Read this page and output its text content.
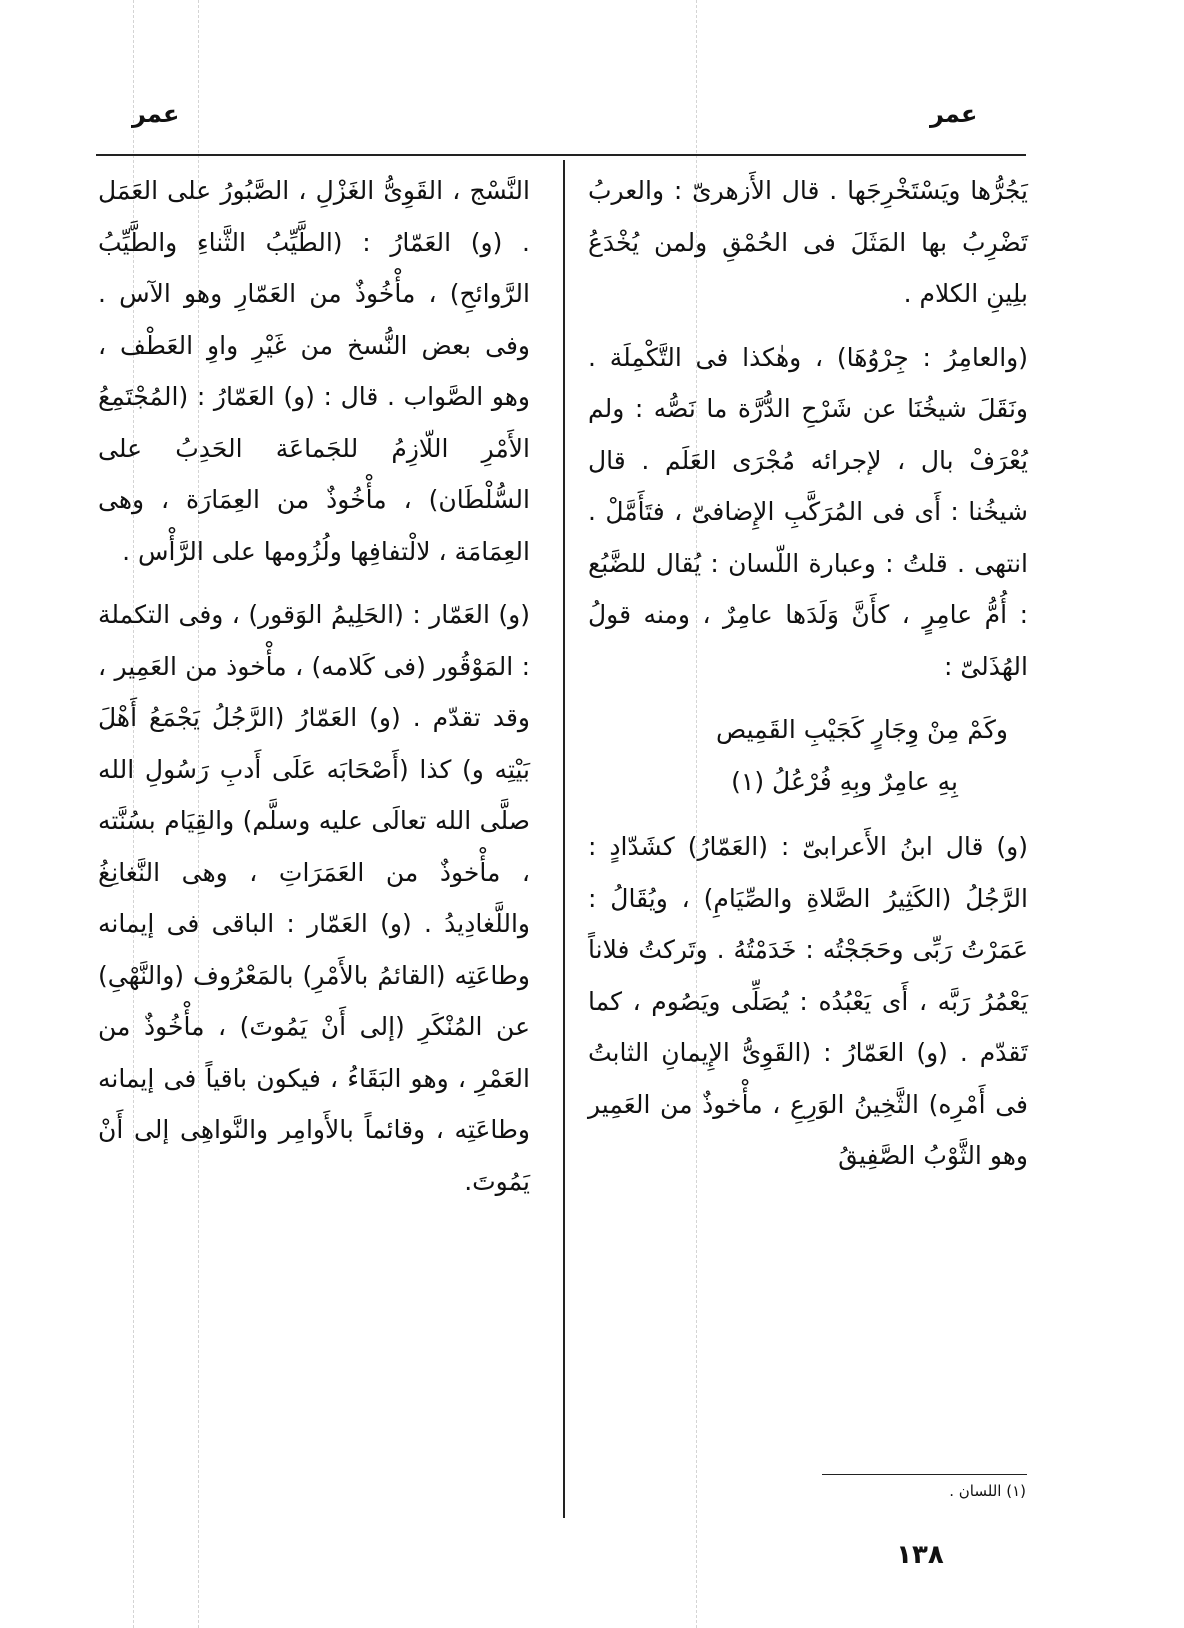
عمر	عمر

يَجُرُّها ويَسْتَخْرِجَها . قال الأَزهرىّ : والعربُ تَضْرِبُ بها المَثَلَ فى الحُمْقِ ولمن يُخْدَعُ بلِينِ الكلام .

(والعامِرُ : جِرْوُهَا) ، وهٰكذا فى التَّكْمِلَة . ونَقَلَ شيخُنَا عن شَرْحِ الدُّرَّة ما نَصُّه : ولم يُعْرَفْ بال ، لإجرائه مُجْرَى العَلَم . قال شيخُنا : أَى فى المُرَكَّبِ الإِضافىّ ، فتَأَمَّلْ . انتهى . قلتُ : وعبارة اللّسان : يُقال للضَّبُع : أُمُّ عامِرٍ ، كأَنَّ وَلَدَها عامِرٌ ، ومنه قولُ الهُذَلىّ :

وكَمْ مِنْ وِجَارٍ كَجَيْبِ القَمِيص
بِهِ عامِرٌ وبِهِ فُرْعُلُ (١)

(و) قال ابنُ الأَعرابىّ : (العَمّارُ) كشَدّادٍ : الرَّجُلُ (الكَثِيرُ الصَّلاةِ والصِّيَامِ) ، ويُقَالُ : عَمَرْتُ رَبِّى وحَجَجْتُه : خَدَمْتُهُ . وتَركتُ فلاناً يَعْمُرُ رَبَّه ، أَى يَعْبُدُه : يُصَلِّى ويَصُوم ، كما تَقدّم . (و) العَمّارُ : (القَوِىُّ الإِيمانِ الثابتُ فى أَمْرِه) الثَّخِينُ الوَرِعِ ، مأْخوذٌ من العَمِير وهو الثَّوْبُ الصَّفِيقُ

النَّسْج ، القَوِىُّ الغَزْلِ ، الصَّبُورُ على العَمَل . (و) العَمّارُ : (الطَّيِّبُ الثَّناءِ والطَّيِّبُ الرَّوائحِ) ، مأْخُوذٌ من العَمّارِ وهو الآس . وفى بعض النُّسخ من غَيْرِ واوِ العَطْف ، وهو الصَّواب . قال : (و) العَمّارُ : (المُجْتَمِعُ الأَمْرِ اللّازِمُ للجَماعَة الحَدِبُ على السُّلْطَان) ، مأْخُوذٌ من العِمَارَة ، وهى العِمَامَة ، لالْتفافِها ولُزُومها على الرَّأْس .

(و) العَمّار : (الحَلِيمُ الوَقور) ، وفى التكملة : المَوْقُور (فى كَلامه) ، مأْخوذ من العَمِير ، وقد تقدّم . (و) العَمّارُ (الرَّجُلُ يَجْمَعُ أَهْلَ بَيْتِه و) كذا (أَصْحَابَه عَلَى أَدبِ رَسُولِ الله صلَّى الله تعالَى عليه وسلَّم) والقِيَام بسُنَّته ، مأْخوذٌ من العَمَرَاتِ ، وهى النَّغانِغُ واللَّغادِيدُ . (و) العَمّار : الباقى فى إيمانه وطاعَتِه (القائمُ بالأَمْرِ) بالمَعْرُوف (والنَّهْىِ) عن المُنْكَرِ (إلى أَنْ يَمُوتَ) ، مأْخُوذٌ من العَمْرِ ، وهو البَقَاءُ ، فيكون باقياً فى إيمانه وطاعَتِه ، وقائماً بالأَوامِر والنَّواهِى إلى أَنْ يَمُوتَ.

(١) اللسان .
١٣٨
